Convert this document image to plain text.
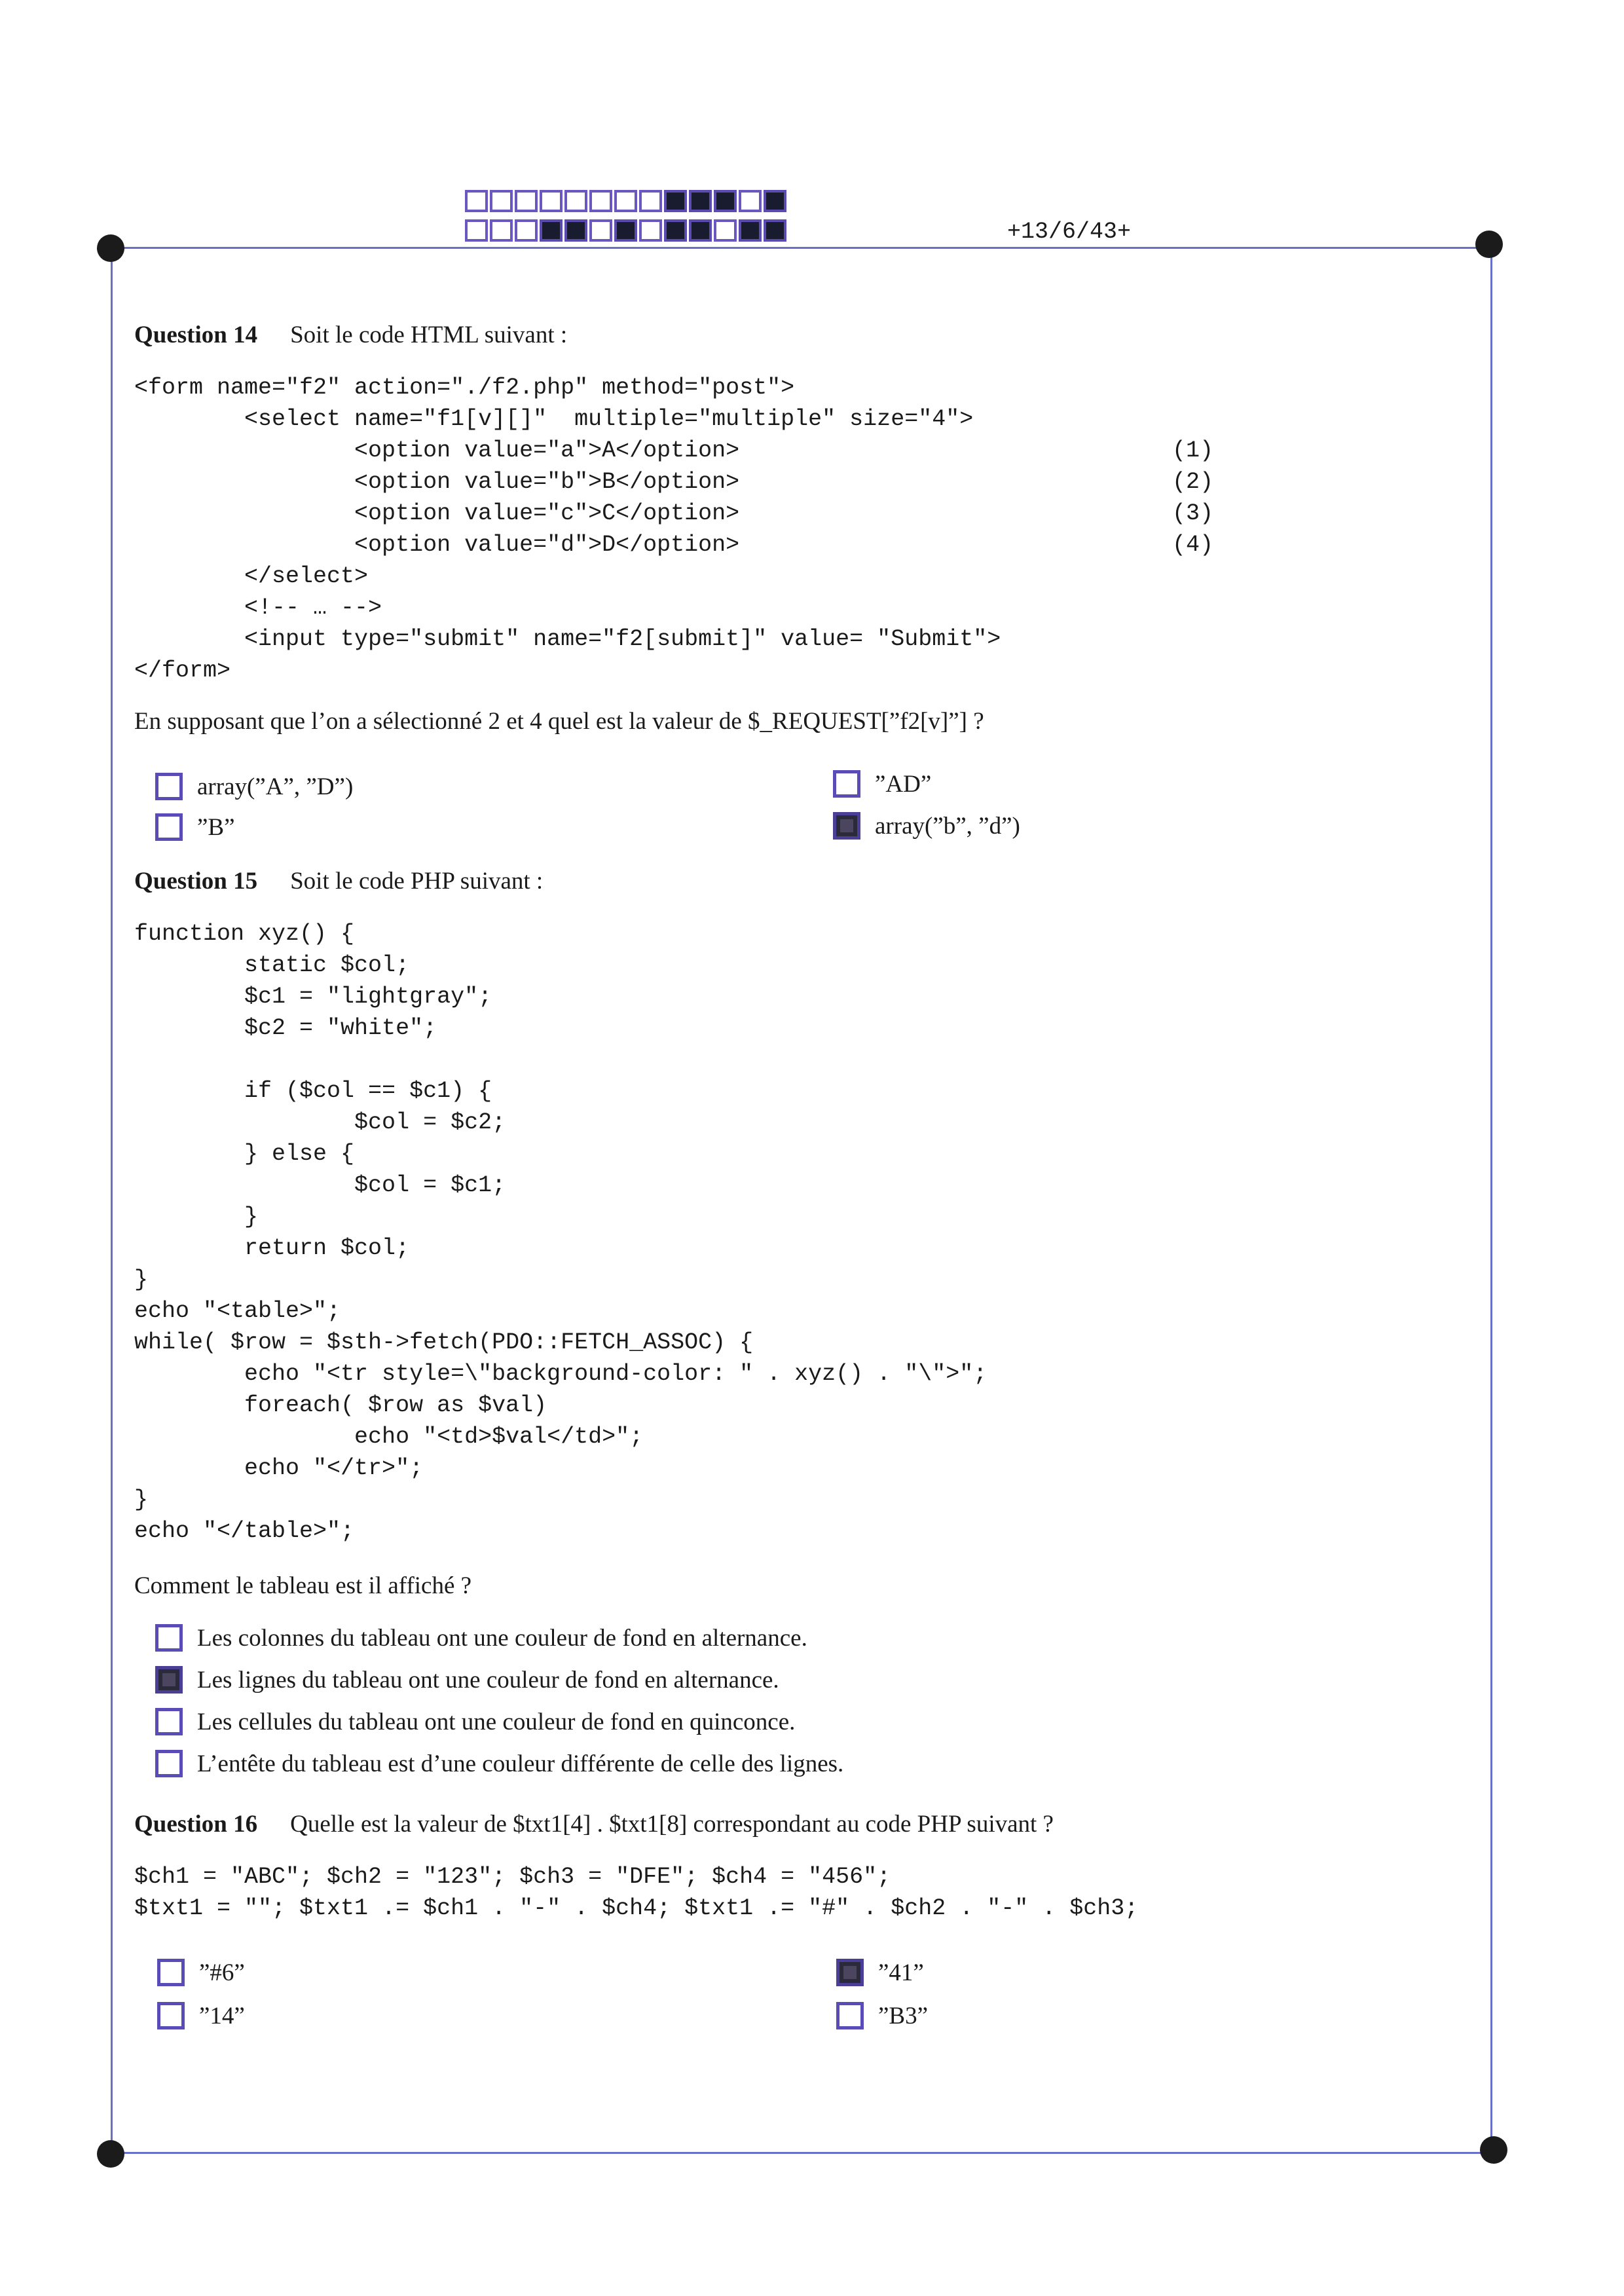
+13/6/43+
Question 14 Soit le code HTML suivant :
<form name="f2" action="./f2.php" method="post">
<select name="f1[v][]"  multiple="multiple" size="4">
<option value="a">A</option>
<option value="b">B</option>
<option value="c">C</option>
<option value="d">D</option>
</select>
<!-- … -->
<input type="submit" name="f2[submit]" value= "Submit">
</form>
(1)
(2)
(3)
(4)
En supposant que l’on a sélectionné 2 et 4 quel est la valeur de $_REQUEST[”f2[v]”] ?
array(”A”, ”D”)
”B”
”AD”
array(”b”, ”d”)
Question 15 Soit le code PHP suivant :
function xyz() {
static $col;
$c1 = "lightgray";
$c2 = "white";
if ($col == $c1) {
$col = $c2;
} else {
$col = $c1;
}
return $col;
}
echo "<table>";
while( $row = $sth->fetch(PDO::FETCH_ASSOC) {
echo "<tr style=\"background-color: " . xyz() . "\">";
foreach( $row as $val)
echo "<td>$val</td>";
echo "</tr>";
}
echo "</table>";
Comment le tableau est il affiché ?
Les colonnes du tableau ont une couleur de fond en alternance.
Les lignes du tableau ont une couleur de fond en alternance.
Les cellules du tableau ont une couleur de fond en quinconce.
L’entête du tableau est d’une couleur différente de celle des lignes.
Question 16 Quelle est la valeur de $txt1[4] . $txt1[8] correspondant au code PHP suivant ?
$ch1 = "ABC"; $ch2 = "123"; $ch3 = "DFE"; $ch4 = "456";
$txt1 = ""; $txt1 .= $ch1 . "-" . $ch4; $txt1 .= "#" . $ch2 . "-" . $ch3;
”#6”
”14”
”41”
”B3”
